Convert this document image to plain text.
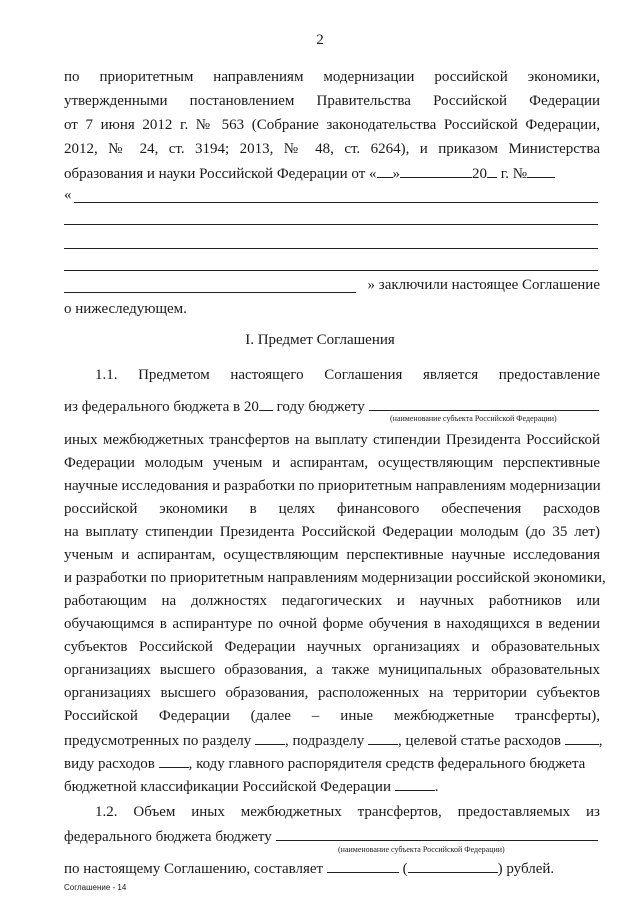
2
по приоритетным направлениям модернизации российской экономики,
утвержденными постановлением Правительства Российской Федерации
от 7 июня 2012 г. № 563 (Собрание законодательства Российской Федерации,
2012, № 24, ст. 3194; 2013, № 48, ст. 6264), и приказом Министерства
образования и науки Российской Федерации от « »	20 г. №
«
» заключили настоящее Соглашение
о нижеследующем.
I. Предмет Соглашения
1.1. Предметом настоящего Соглашения является предоставление
из федерального бюджета в 20 году бюджету
(наименование субъекта Российской Федерации)
иных межбюджетных трансфертов на выплату стипендии Президента Российской
Федерации молодым ученым и аспирантам, осуществляющим перспективные
научные исследования и разработки по приоритетным направлениям модернизации
российской экономики в целях финансового обеспечения расходов
на выплату стипендии Президента Российской Федерации молодым (до 35 лет)
ученым и аспирантам, осуществляющим перспективные научные исследования
и разработки по приоритетным направлениям модернизации российской экономики,
работающим на должностях педагогических и научных работников или
обучающимся в аспирантуре по очной форме обучения в находящихся в ведении
субъектов Российской Федерации научных организациях и образовательных
организациях высшего образования, а также муниципальных образовательных
организациях высшего образования, расположенных на территории субъектов
Российской Федерации (далее – иные межбюджетные трансферты),
предусмотренных по разделу , подразделу , целевой статье расходов	,
виду расходов , коду главного распорядителя средств федерального бюджета
бюджетной классификации Российской Федерации	.
1.2. Объем иных межбюджетных трансфертов, предоставляемых из
федерального бюджета бюджету
(наименование субъекта Российской Федерации)
по настоящему Соглашению, составляет	(	) рублей.
Соглашение - 14
